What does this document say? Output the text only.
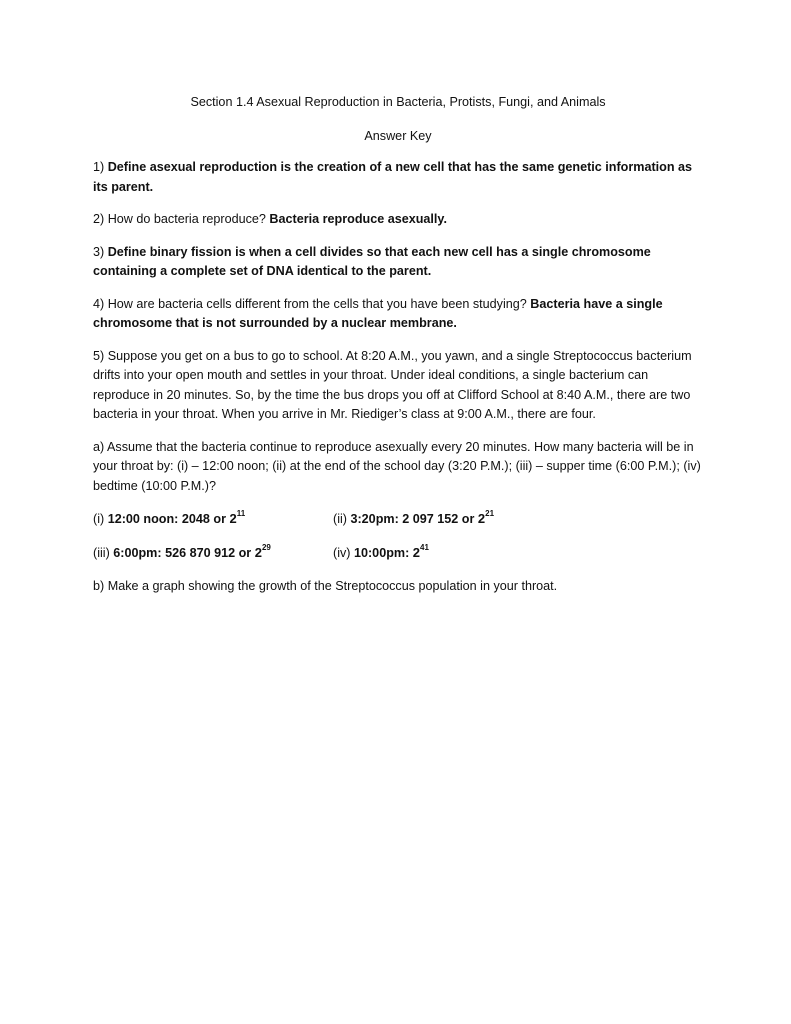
Section 1.4 Asexual Reproduction in Bacteria, Protists, Fungi, and Animals

Answer Key

1) Define asexual reproduction is the creation of a new cell that has the same genetic information as its parent.

2) How do bacteria reproduce? Bacteria reproduce asexually.

3) Define binary fission is when a cell divides so that each new cell has a single chromosome containing a complete set of DNA identical to the parent.

4) How are bacteria cells different from the cells that you have been studying? Bacteria have a single chromosome that is not surrounded by a nuclear membrane.

5) Suppose you get on a bus to go to school. At 8:20 A.M., you yawn, and a single Streptococcus bacterium drifts into your open mouth and settles in your throat. Under ideal conditions, a single bacterium can reproduce in 20 minutes. So, by the time the bus drops you off at Clifford School at 8:40 A.M., there are two bacteria in your throat. When you arrive in Mr. Riediger’s class at 9:00 A.M., there are four.

a) Assume that the bacteria continue to reproduce asexually every 20 minutes. How many bacteria will be in your throat by: (i) – 12:00 noon; (ii) at the end of the school day (3:20 P.M.); (iii) – supper time (6:00 P.M.); (iv) bedtime (10:00 P.M.)?

(i) 12:00 noon: 2048 or $2^{11}$	(ii) 3:20pm: 2 097 152 or $2^{21}$
(iii) 6:00pm: 526 870 912 or $2^{29}$	(iv) 10:00pm: $2^{41}$

b) Make a graph showing the growth of the Streptococcus population in your throat.
